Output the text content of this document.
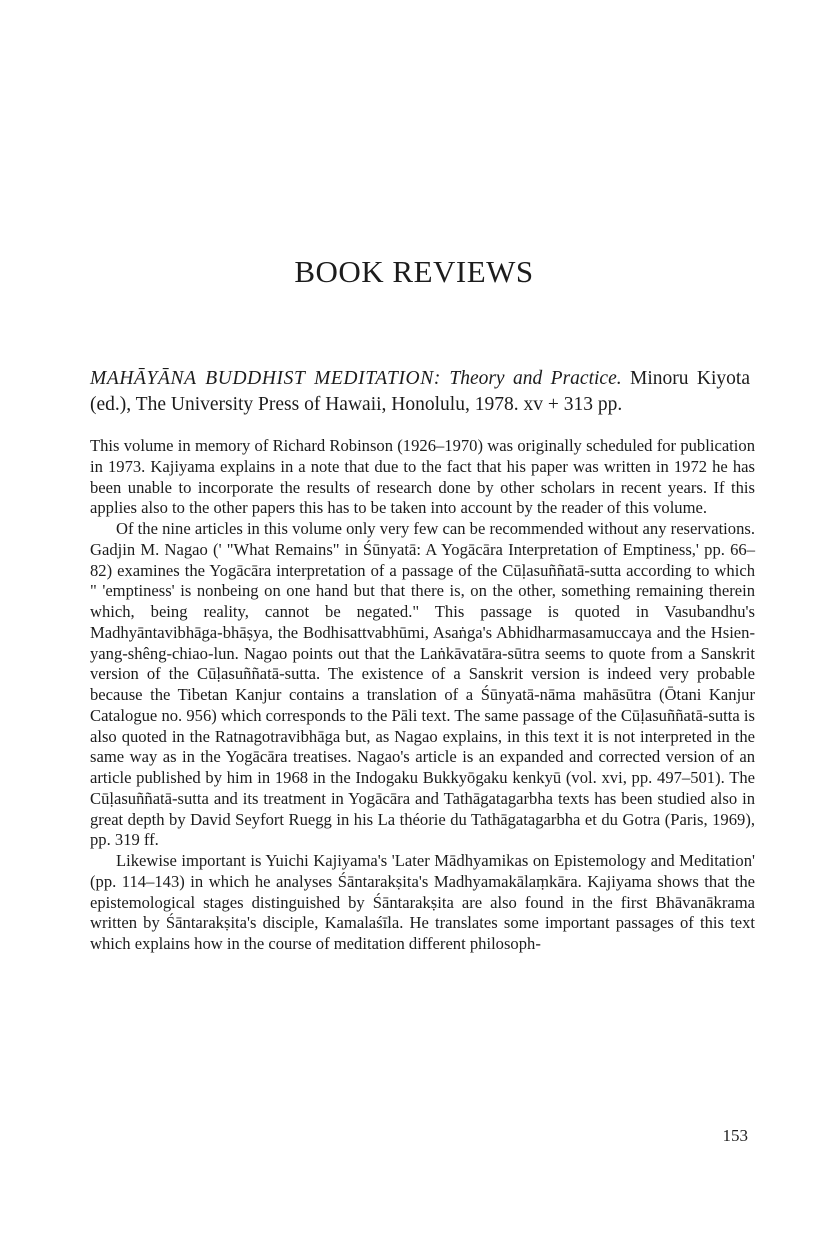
BOOK REVIEWS

MAHĀYĀNA BUDDHIST MEDITATION: Theory and Practice. Minoru Kiyota (ed.), The University Press of Hawaii, Honolulu, 1978. xv + 313 pp.

This volume in memory of Richard Robinson (1926–1970) was originally scheduled for publication in 1973. Kajiyama explains in a note that due to the fact that his paper was written in 1972 he has been unable to incorporate the results of research done by other scholars in recent years. If this applies also to the other papers this has to be taken into account by the reader of this volume.

Of the nine articles in this volume only very few can be recommended without any reservations. Gadjin M. Nagao (' "What Remains" in Śūnyatā: A Yogācāra Interpretation of Emptiness,' pp. 66–82) examines the Yogācāra interpretation of a passage of the Cūḷasuññatā-sutta according to which " 'emptiness' is nonbeing on one hand but that there is, on the other, something remaining therein which, being reality, cannot be negated." This passage is quoted in Vasubandhu's Madhyāntavibhāga-bhāṣya, the Bodhisattvabhūmi, Asaṅga's Abhidharmasamuccaya and the Hsien-yang-shêng-chiao-lun. Nagao points out that the Laṅkāvatāra-sūtra seems to quote from a Sanskrit version of the Cūḷasuññatā-sutta. The existence of a Sanskrit version is indeed very probable because the Tibetan Kanjur contains a translation of a Śūnyatā-nāma mahāsūtra (Ōtani Kanjur Catalogue no. 956) which corresponds to the Pāli text. The same passage of the Cūḷasuññatā-sutta is also quoted in the Ratnagotravibhāga but, as Nagao explains, in this text it is not interpreted in the same way as in the Yogācāra treatises. Nagao's article is an expanded and corrected version of an article published by him in 1968 in the Indogaku Bukkyōgaku kenkyū (vol. xvi, pp. 497–501). The Cūḷasuññatā-sutta and its treatment in Yogācāra and Tathāgatagarbha texts has been studied also in great depth by David Seyfort Ruegg in his La théorie du Tathāgatagarbha et du Gotra (Paris, 1969), pp. 319 ff.

Likewise important is Yuichi Kajiyama's 'Later Mādhyamikas on Epistemology and Meditation' (pp. 114–143) in which he analyses Śāntarakṣita's Madhyamakālaṃkāra. Kajiyama shows that the epistemological stages distinguished by Śāntarakṣita are also found in the first Bhāvanākrama written by Śāntarakṣita's disciple, Kamalaśīla. He translates some important passages of this text which explains how in the course of meditation different philosoph-

153
